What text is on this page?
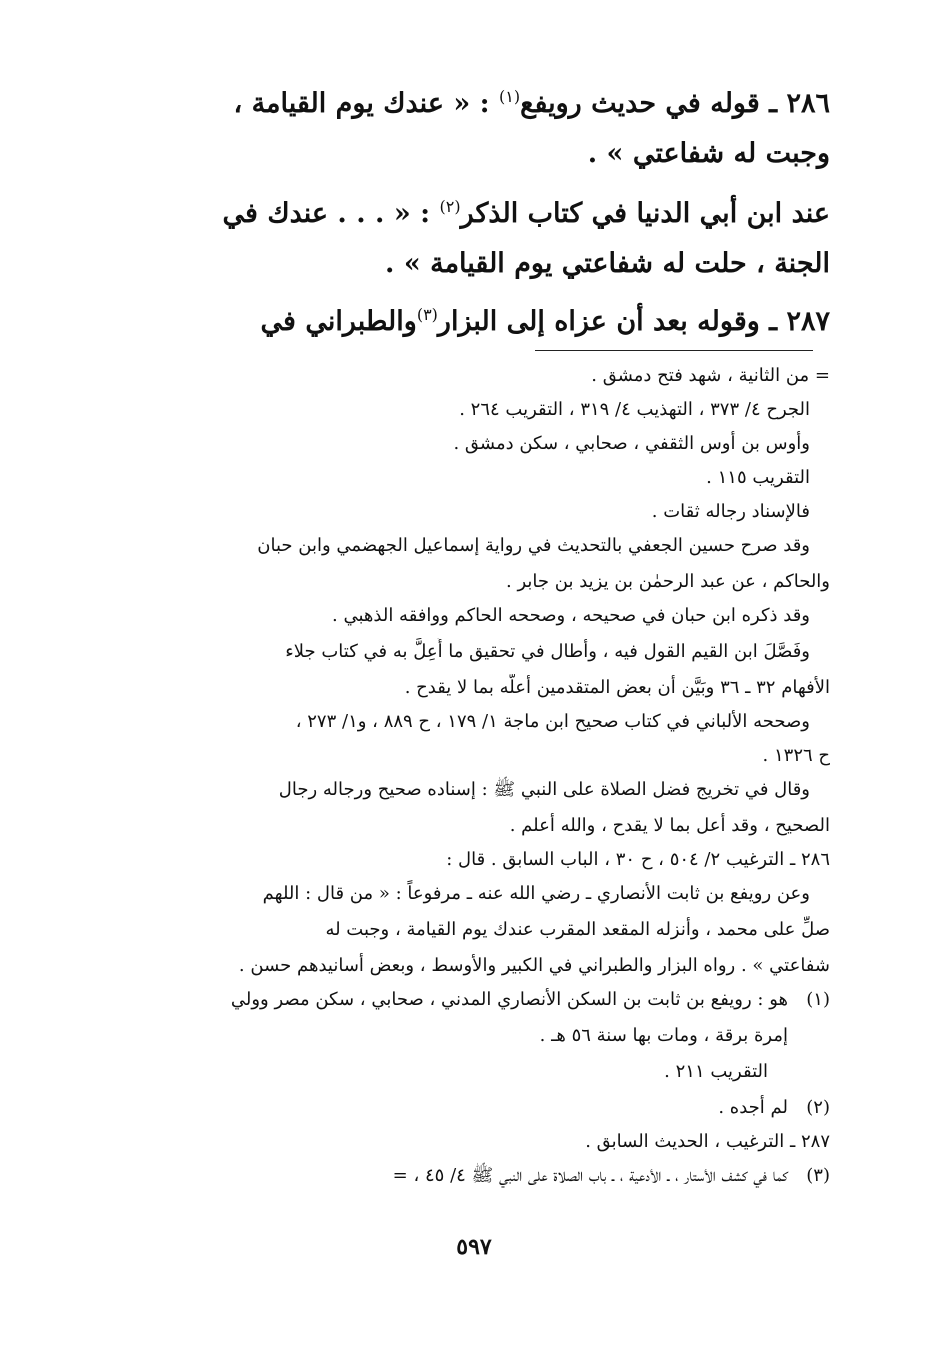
٢٨٦ ـ قوله في حديث رويفع$^{(١)}$ : « عندك يوم القيامة ،
وجبت له شفاعتي » .

عند ابن أبي الدنيا في كتاب الذكر$^{(٢)}$ : « . . . عندك في
الجنة ، حلت له شفاعتي يوم القيامة » .

٢٨٧ ـ وقوله بعد أن عزاه إلى البزار$^{(٣)}$والطبراني في

= من الثانية ، شهد فتح دمشق .

الجرح ٤/ ٣٧٣ ، التهذيب ٤/ ٣١٩ ، التقريب ٢٦٤ .

وأوس بن أوس الثقفي ، صحابي ، سكن دمشق .

التقريب ١١٥ .

فالإسناد رجاله ثقات .

وقد صرح حسين الجعفي بالتحديث في رواية إسماعيل الجهضمي وابن حبان

والحاكم ، عن عبد الرحمٰن بن يزيد بن جابر .

وقد ذكره ابن حبان في صحيحه ، وصححه الحاكم ووافقه الذهبي .

وفَصَّلَ ابن القيم القول فيه ، وأطال في تحقيق ما أُعِلَّ به في كتاب جلاء

الأفهام ٣٢ ـ ٣٦ وبَيَّن أن بعض المتقدمين أعلَّه بما لا يقدح .

وصححه الألباني في كتاب صحيح ابن ماجة ١/ ١٧٩ ، ح ٨٨٩ ، و١/ ٢٧٣ ،

ح ١٣٢٦ .

وقال في تخريج فضل الصلاة على النبي ﷺ : إسناده صحيح ورجاله رجال

الصحيح ، وقد أعل بما لا يقدح ، والله أعلم .

٢٨٦ ـ الترغيب ٢/ ٥٠٤ ، ح ٣٠ ، الباب السابق . قال :

وعن رويفع بن ثابت الأنصاري ـ رضي الله عنه ـ مرفوعاً : « من قال : اللهم

صلِّ على محمد ، وأنزله المقعد المقرب عندك يوم القيامة ، وجبت له

شفاعتي » . رواه البزار والطبراني في الكبير والأوسط ، وبعض أسانيدهم حسن .

(١)هو : رويفع بن ثابت بن السكن الأنصاري المدني ، صحابي ، سكن مصر وولي

إمرة برقة ، ومات بها سنة ٥٦ هـ .

التقريب ٢١١ .

(٢)لم أجده .

٢٨٧ ـ الترغيب ، الحديث السابق .

(٣)كما في كشف الأستار ، ـ الأدعية ، ـ باب الصلاة على النبي ﷺ ٤/ ٤٥ ، =

٥٩٧
